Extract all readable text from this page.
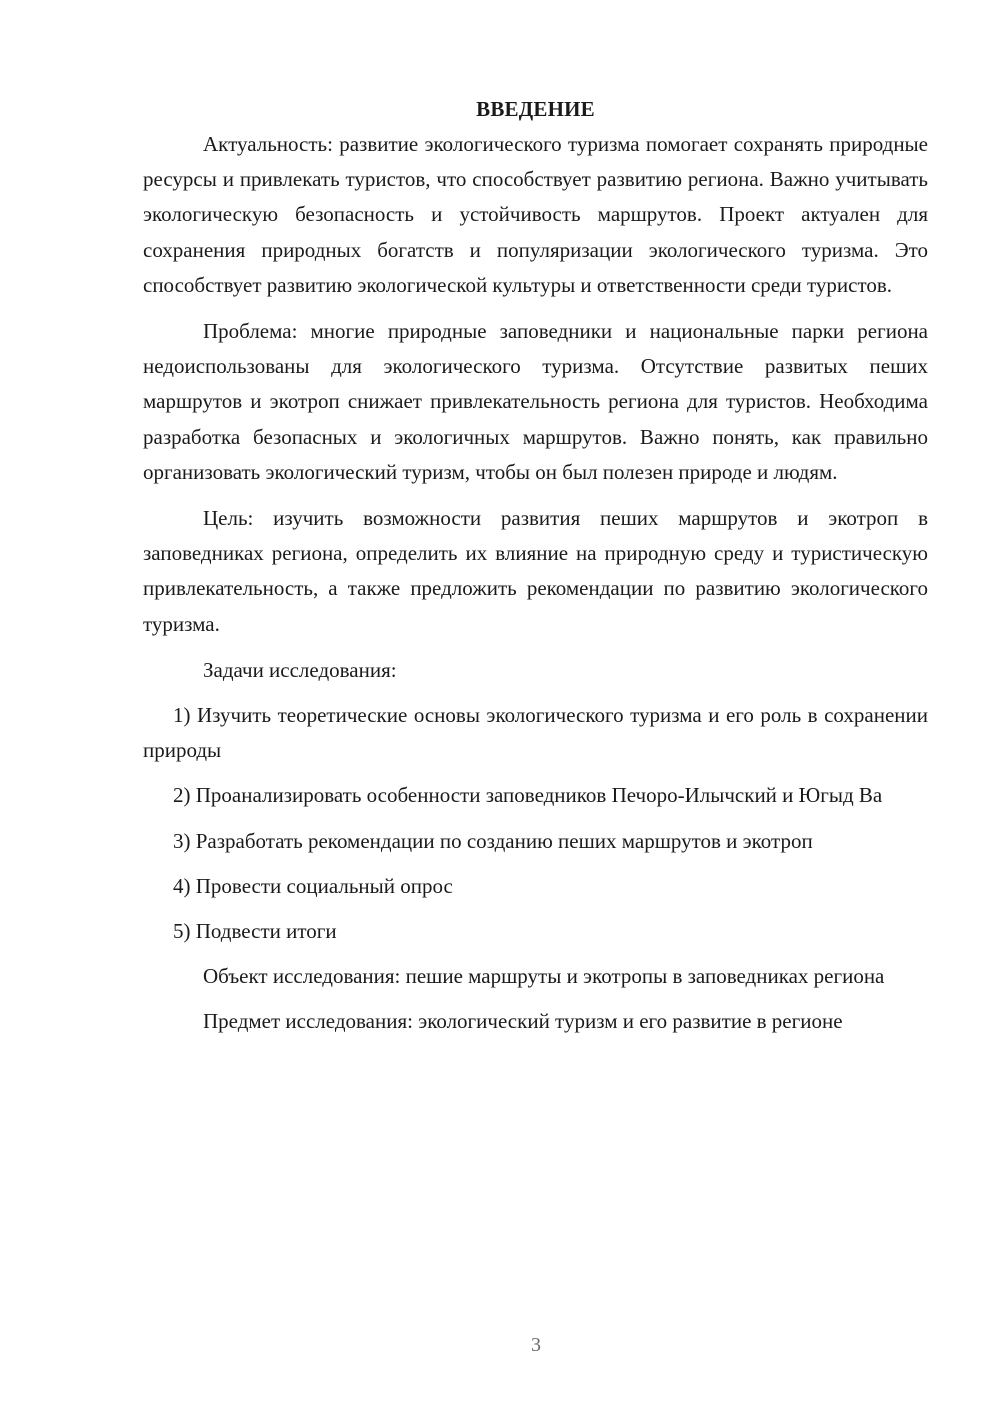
ВВЕДЕНИЕ

Актуальность: развитие экологического туризма помогает сохранять природные ресурсы и привлекать туристов, что способствует развитию региона. Важно учитывать экологическую безопасность и устойчивость маршрутов. Проект актуален для сохранения природных богатств и популяризации экологического туризма. Это способствует развитию экологической культуры и ответственности среди туристов.

Проблема: многие природные заповедники и национальные парки региона недоиспользованы для экологического туризма. Отсутствие развитых пеших маршрутов и экотроп снижает привлекательность региона для туристов. Необходима разработка безопасных и экологичных маршрутов. Важно понять, как правильно организовать экологический туризм, чтобы он был полезен природе и людям.

Цель: изучить возможности развития пеших маршрутов и экотроп в заповедниках региона, определить их влияние на природную среду и туристическую привлекательность, а также предложить рекомендации по развитию экологического туризма.

Задачи исследования:

1) Изучить теоретические основы экологического туризма и его роль в сохранении природы

2) Проанализировать особенности заповедников Печоро-Илычский и Югыд Ва

3) Разработать рекомендации по созданию пеших маршрутов и экотроп

4) Провести социальный опрос

5) Подвести итоги

Объект исследования: пешие маршруты и экотропы в заповедниках региона

Предмет исследования: экологический туризм и его развитие в регионе

3
